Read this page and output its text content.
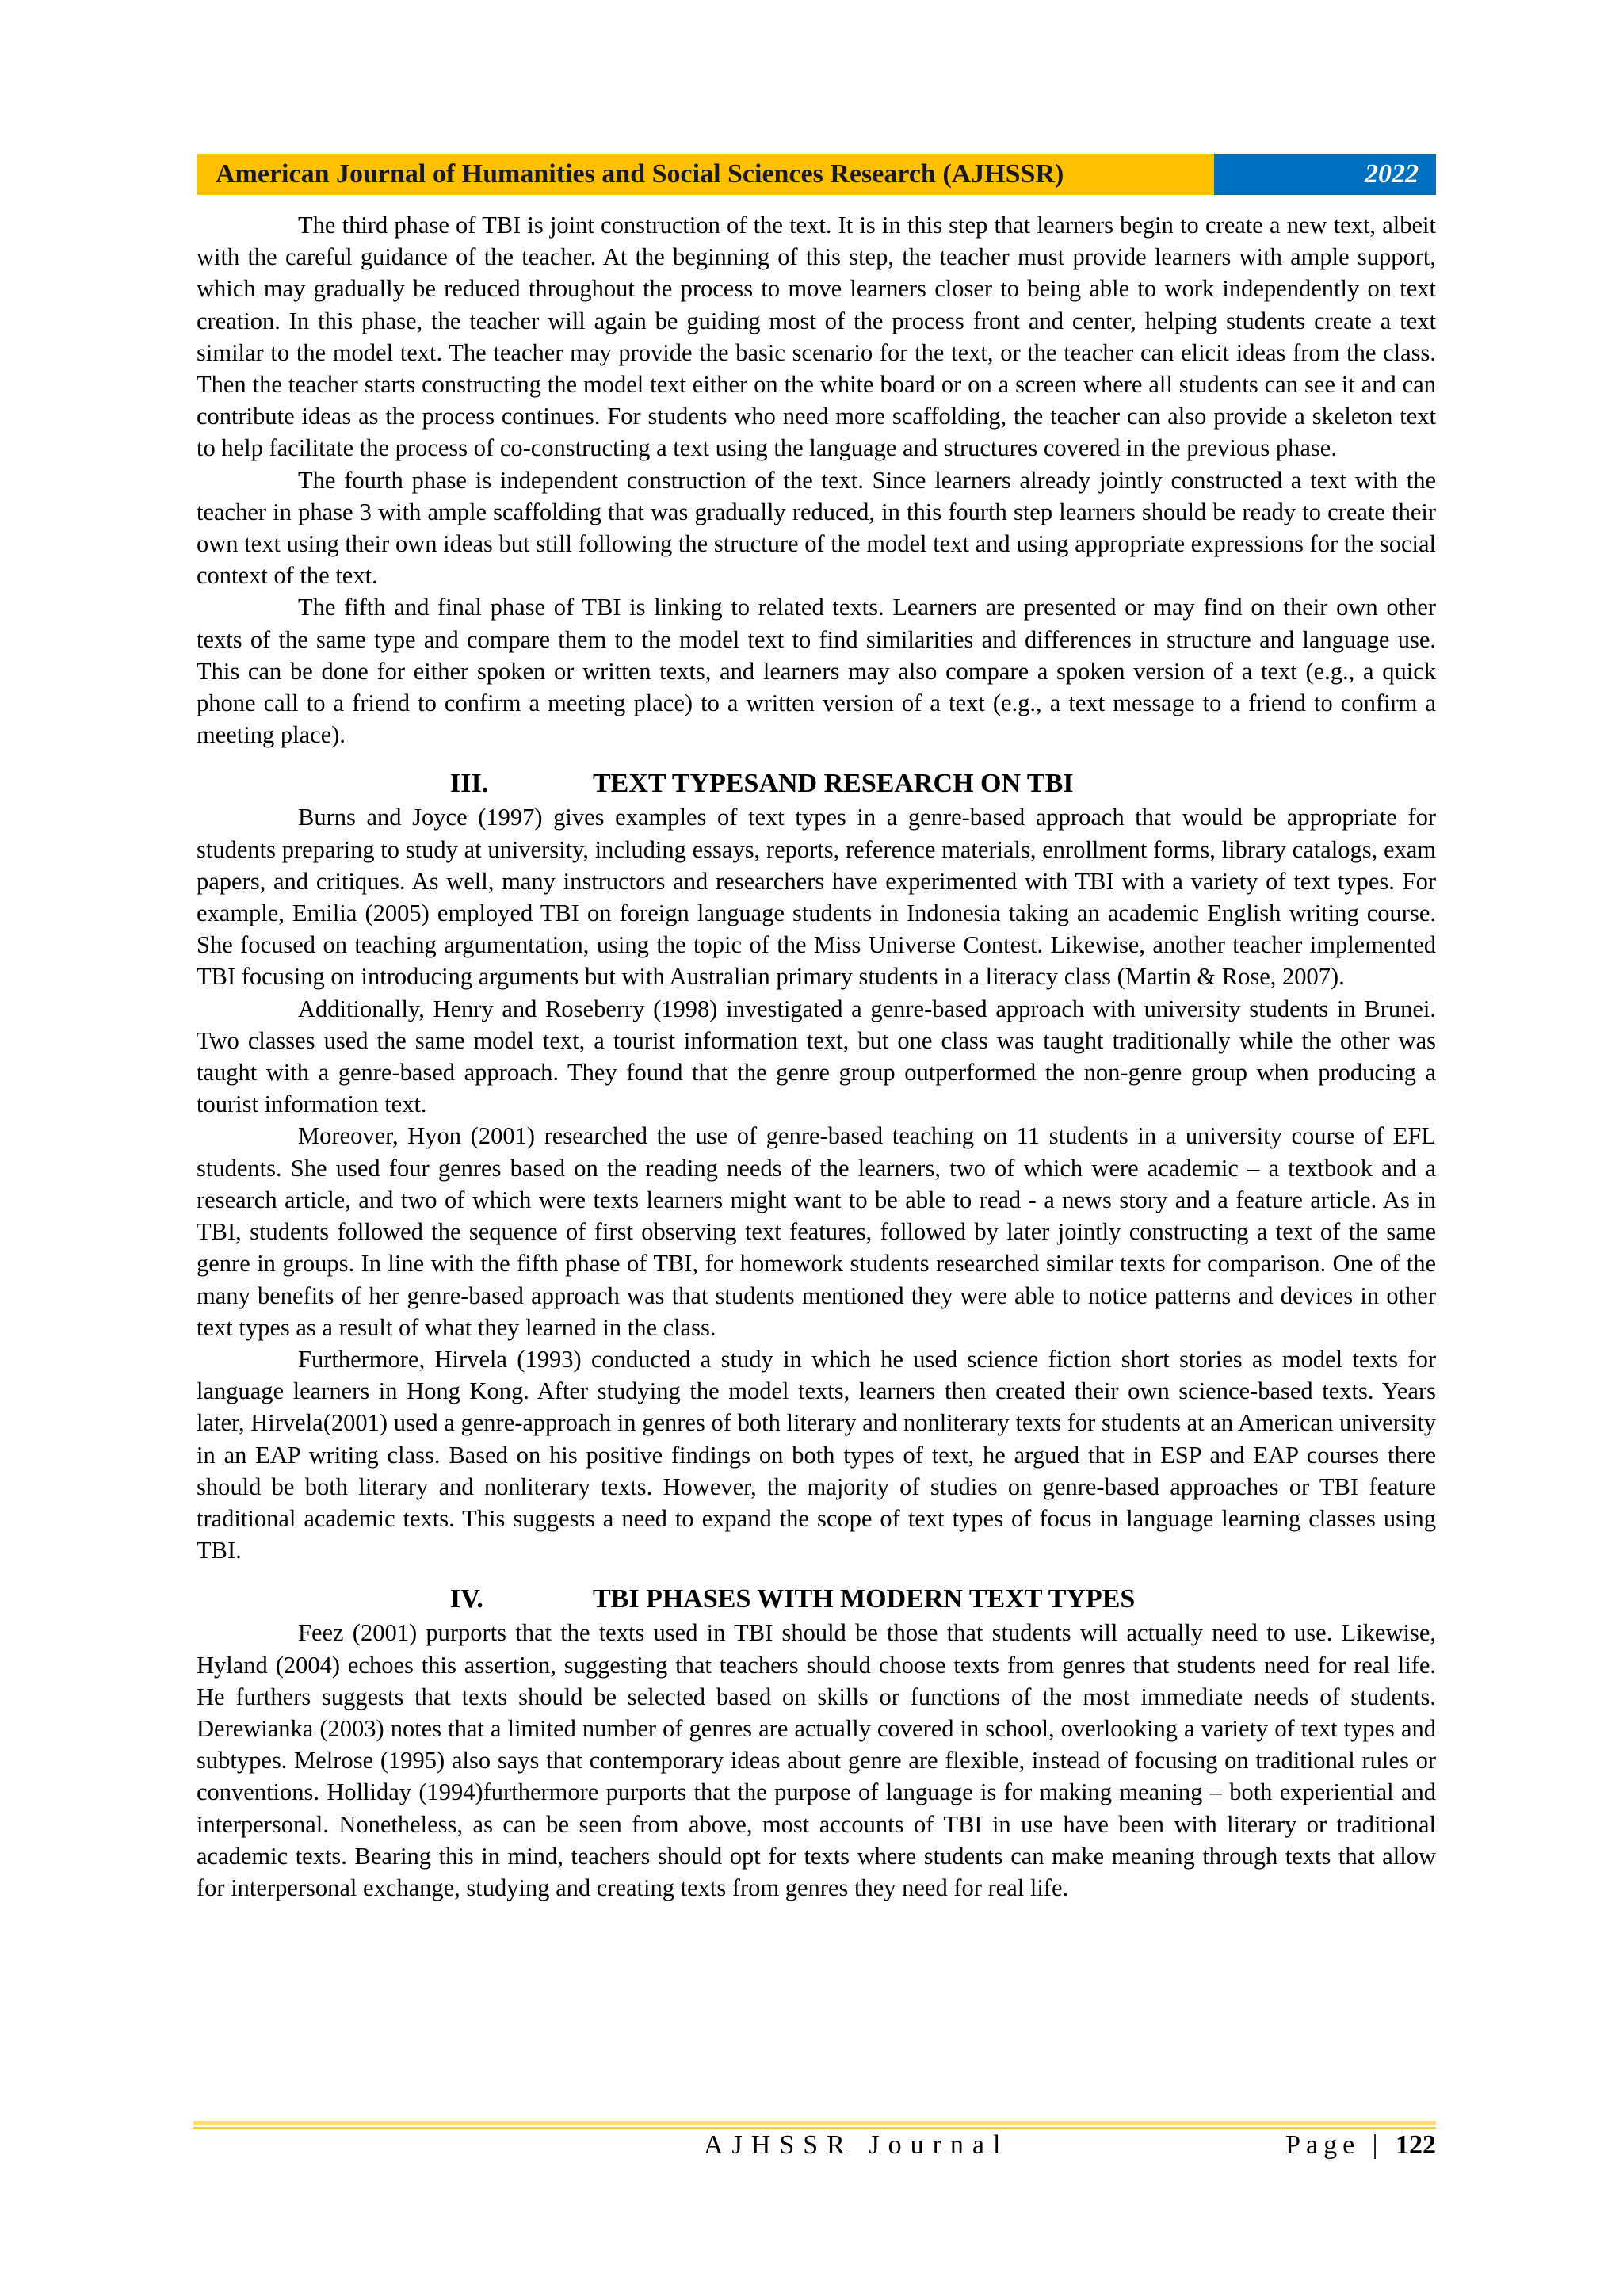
American Journal of Humanities and Social Sciences Research (AJHSSR)	2022

The third phase of TBI is joint construction of the text. It is in this step that learners begin to create a new text, albeit with the careful guidance of the teacher. At the beginning of this step, the teacher must provide learners with ample support, which may gradually be reduced throughout the process to move learners closer to being able to work independently on text creation. In this phase, the teacher will again be guiding most of the process front and center, helping students create a text similar to the model text. The teacher may provide the basic scenario for the text, or the teacher can elicit ideas from the class. Then the teacher starts constructing the model text either on the white board or on a screen where all students can see it and can contribute ideas as the process continues. For students who need more scaffolding, the teacher can also provide a skeleton text to help facilitate the process of co-constructing a text using the language and structures covered in the previous phase.

The fourth phase is independent construction of the text. Since learners already jointly constructed a text with the teacher in phase 3 with ample scaffolding that was gradually reduced, in this fourth step learners should be ready to create their own text using their own ideas but still following the structure of the model text and using appropriate expressions for the social context of the text.

The fifth and final phase of TBI is linking to related texts. Learners are presented or may find on their own other texts of the same type and compare them to the model text to find similarities and differences in structure and language use. This can be done for either spoken or written texts, and learners may also compare a spoken version of a text (e.g., a quick phone call to a friend to confirm a meeting place) to a written version of a text (e.g., a text message to a friend to confirm a meeting place).

III.	TEXT TYPESAND RESEARCH ON TBI

Burns and Joyce (1997) gives examples of text types in a genre-based approach that would be appropriate for students preparing to study at university, including essays, reports, reference materials, enrollment forms, library catalogs, exam papers, and critiques. As well, many instructors and researchers have experimented with TBI with a variety of text types. For example, Emilia (2005) employed TBI on foreign language students in Indonesia taking an academic English writing course. She focused on teaching argumentation, using the topic of the Miss Universe Contest. Likewise, another teacher implemented TBI focusing on introducing arguments but with Australian primary students in a literacy class (Martin & Rose, 2007).

Additionally, Henry and Roseberry (1998) investigated a genre-based approach with university students in Brunei. Two classes used the same model text, a tourist information text, but one class was taught traditionally while the other was taught with a genre-based approach. They found that the genre group outperformed the non-genre group when producing a tourist information text.

Moreover, Hyon (2001) researched the use of genre-based teaching on 11 students in a university course of EFL students. She used four genres based on the reading needs of the learners, two of which were academic – a textbook and a research article, and two of which were texts learners might want to be able to read - a news story and a feature article. As in TBI, students followed the sequence of first observing text features, followed by later jointly constructing a text of the same genre in groups. In line with the fifth phase of TBI, for homework students researched similar texts for comparison. One of the many benefits of her genre-based approach was that students mentioned they were able to notice patterns and devices in other text types as a result of what they learned in the class.

Furthermore, Hirvela (1993) conducted a study in which he used science fiction short stories as model texts for language learners in Hong Kong. After studying the model texts, learners then created their own science-based texts. Years later, Hirvela(2001) used a genre-approach in genres of both literary and nonliterary texts for students at an American university in an EAP writing class. Based on his positive findings on both types of text, he argued that in ESP and EAP courses there should be both literary and nonliterary texts. However, the majority of studies on genre-based approaches or TBI feature traditional academic texts. This suggests a need to expand the scope of text types of focus in language learning classes using TBI.

IV.	TBI PHASES WITH MODERN TEXT TYPES

Feez (2001) purports that the texts used in TBI should be those that students will actually need to use. Likewise, Hyland (2004) echoes this assertion, suggesting that teachers should choose texts from genres that students need for real life. He furthers suggests that texts should be selected based on skills or functions of the most immediate needs of students. Derewianka (2003) notes that a limited number of genres are actually covered in school, overlooking a variety of text types and subtypes. Melrose (1995) also says that contemporary ideas about genre are flexible, instead of focusing on traditional rules or conventions. Holliday (1994)furthermore purports that the purpose of language is for making meaning – both experiential and interpersonal. Nonetheless, as can be seen from above, most accounts of TBI in use have been with literary or traditional academic texts. Bearing this in mind, teachers should opt for texts where students can make meaning through texts that allow for interpersonal exchange, studying and creating texts from genres they need for real life.

AJHSSR Journal	Page | 122
